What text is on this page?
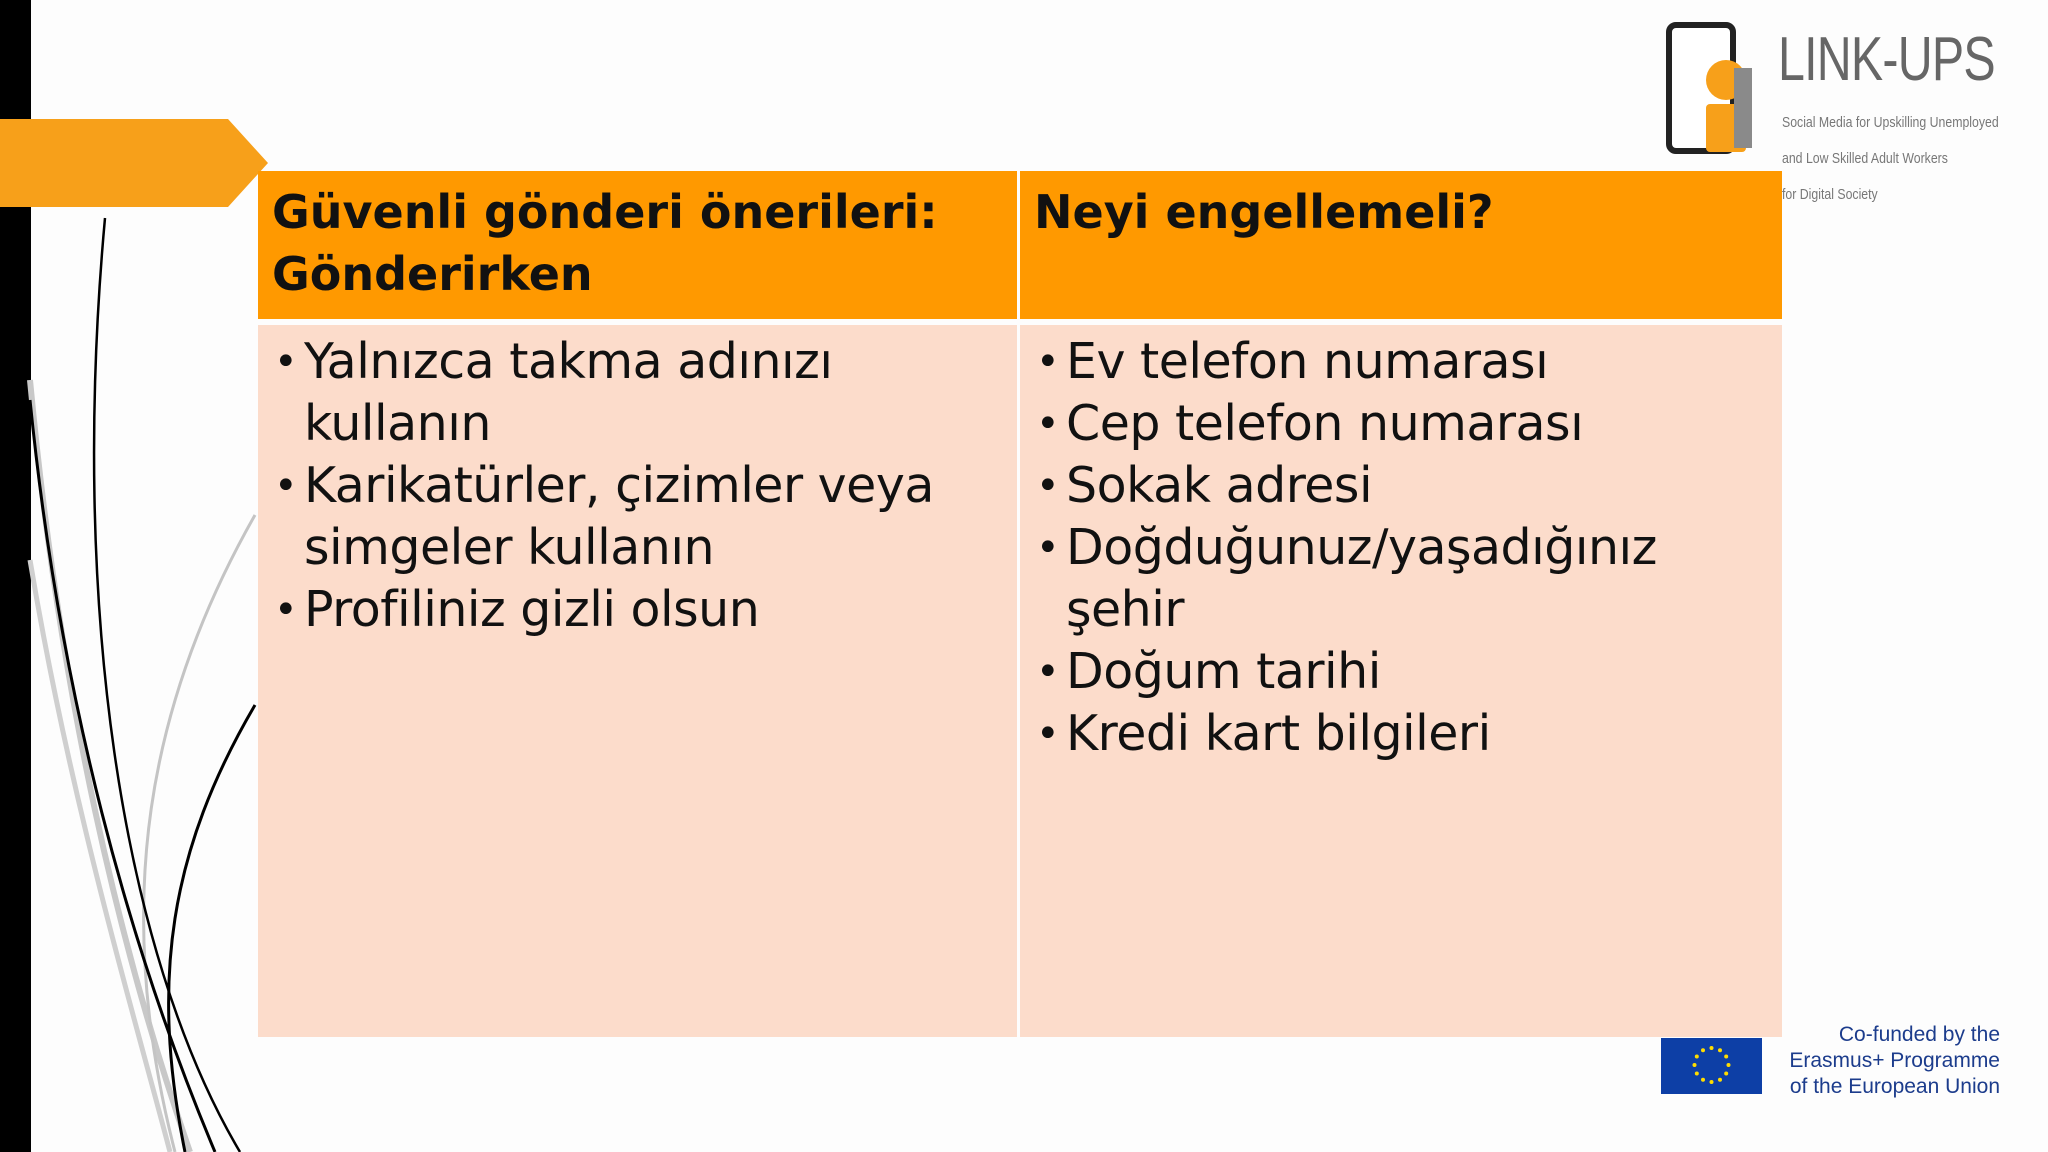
LINK-UPS

Social Media for Upskilling Unemployed

and Low Skilled Adult Workers

for Digital Society

Güvenli gönderi önerileri: Gönderirken
Neyi engellemeli?
• Yalnızca takma adınızı kullanın
• Karikatürler, çizimler veya simgeler kullanın
• Profiliniz gizli olsun
• Ev telefon numarası
• Cep telefon numarası
• Sokak adresi
• Doğduğunuz/yaşadığınız şehir
• Doğum tarihi
• Kredi kart bilgileri
Co-funded by the
Erasmus+ Programme
of the European Union
